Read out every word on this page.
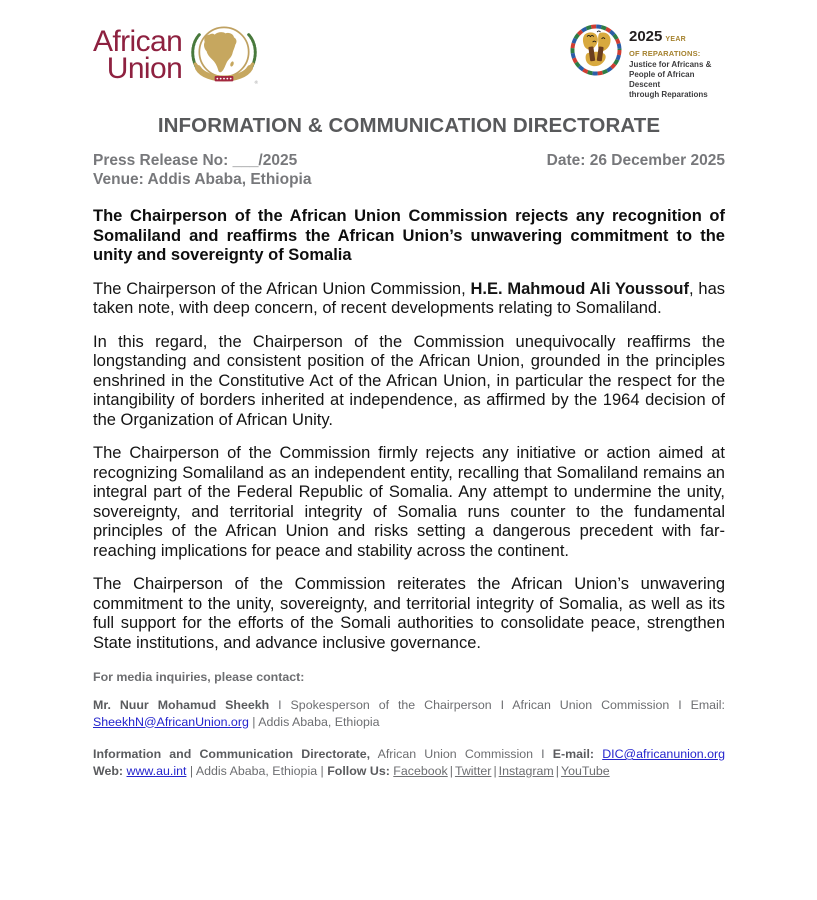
African
Union	®
2025 YEAR
OF REPARATIONS:
Justice for Africans &
People of African Descent
through Reparations
INFORMATION & COMMUNICATION DIRECTORATE
Press Release No: ___/2025	Date: 26 December 2025
Venue: Addis Ababa, Ethiopia
The Chairperson of the African Union Commission rejects any recognition of Somaliland and reaffirms the African Union’s unwavering commitment to the unity and sovereignty of Somalia

The Chairperson of the African Union Commission, H.E. Mahmoud Ali Youssouf, has taken note, with deep concern, of recent developments relating to Somaliland.

In this regard, the Chairperson of the Commission unequivocally reaffirms the longstanding and consistent position of the African Union, grounded in the principles enshrined in the Constitutive Act of the African Union, in particular the respect for the intangibility of borders inherited at independence, as affirmed by the 1964 decision of the Organization of African Unity.

The Chairperson of the Commission firmly rejects any initiative or action aimed at recognizing Somaliland as an independent entity, recalling that Somaliland remains an integral part of the Federal Republic of Somalia. Any attempt to undermine the unity, sovereignty, and territorial integrity of Somalia runs counter to the fundamental principles of the African Union and risks setting a dangerous precedent with far-reaching implications for peace and stability across the continent.

The Chairperson of the Commission reiterates the African Union’s unwavering commitment to the unity, sovereignty, and territorial integrity of Somalia, as well as its full support for the efforts of the Somali authorities to consolidate peace, strengthen State institutions, and advance inclusive governance.

For media inquiries, please contact:

Mr. Nuur Mohamud Sheekh I Spokesperson of the Chairperson I African Union Commission I Email: SheekhN@AfricanUnion.org | Addis Ababa, Ethiopia

Information and Communication Directorate, African Union Commission I E-mail: DIC@africanunion.org
Web: www.au.int | Addis Ababa, Ethiopia | Follow Us: Facebook | Twitter | Instagram | YouTube
